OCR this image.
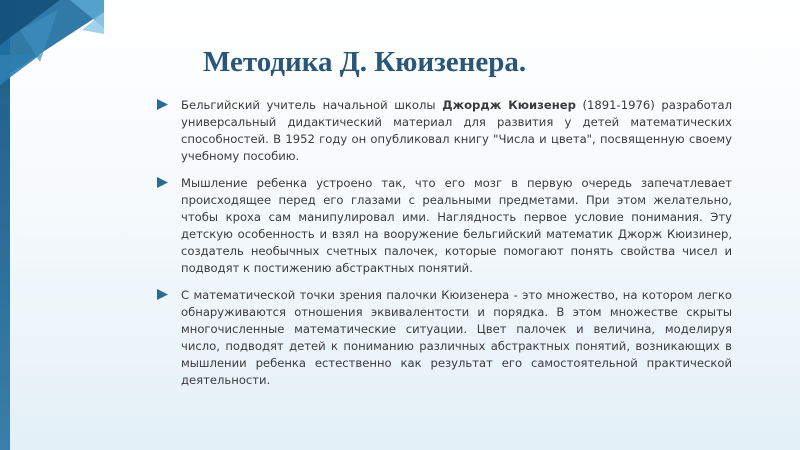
Методика Д. Кюизенера.
Бельгийский учитель начальной школы Джордж Кюизенер (1891-1976) разработал универсальный дидактический материал для развития у детей математических способностей. В 1952 году он опубликовал книгу "Числа и цвета", посвященную своему учебному пособию.
Мышление ребенка устроено так, что его мозг в первую очередь запечатлевает происходящее перед его глазами с реальными предметами. При этом желательно, чтобы кроха сам манипулировал ими. Наглядность первое условие понимания. Эту детскую особенность и взял на вооружение бельгийский математик Джорж Кюизинер, создатель необычных счетных палочек, которые помогают понять свойства чисел и подводят к постижению абстрактных понятий.
С математической точки зрения палочки Кюизенера - это множество, на котором легко обнаруживаются отношения эквивалентости и порядка. В этом множестве скрыты многочисленные математические ситуации. Цвет палочек и величина, моделируя число, подводят детей к пониманию различных абстрактных понятий, возникающих в мышлении ребенка естественно как результат его самостоятельной практической деятельности.
